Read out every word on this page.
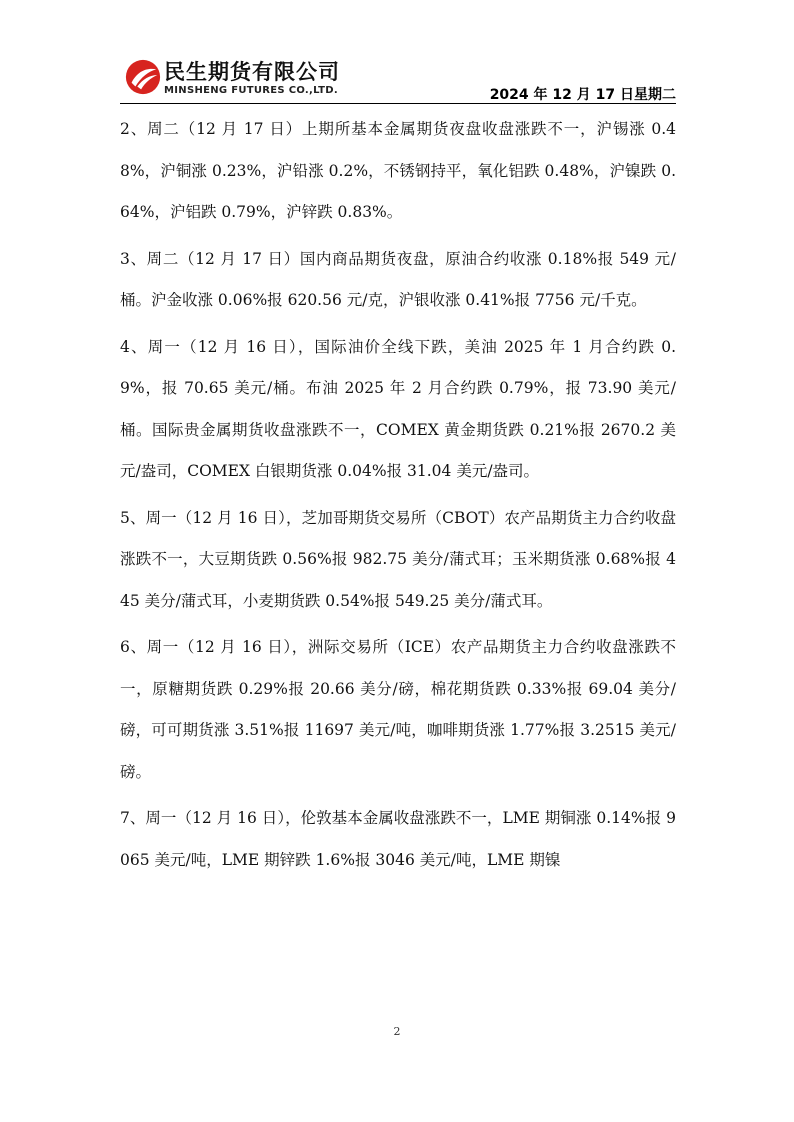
民生期货有限公司
MINSHENG FUTURES CO.,LTD.	2024 年 12 月 17 日星期二

2、周二（12 月 17 日）上期所基本金属期货夜盘收盘涨跌不一，沪锡涨 0.48%，沪铜涨 0.23%，沪铅涨 0.2%，不锈钢持平，氧化铝跌 0.48%，沪镍跌 0.64%，沪铝跌 0.79%，沪锌跌 0.83%。

3、周二（12 月 17 日）国内商品期货夜盘，原油合约收涨 0.18%报 549 元/桶。沪金收涨 0.06%报 620.56 元/克，沪银收涨 0.41%报 7756 元/千克。

4、周一（12 月 16 日），国际油价全线下跌，美油 2025 年 1 月合约跌 0.9%，报 70.65 美元/桶。布油 2025 年 2 月合约跌 0.79%，报 73.90 美元/桶。国际贵金属期货收盘涨跌不一，COMEX 黄金期货跌 0.21%报 2670.2 美元/盎司，COMEX 白银期货涨 0.04%报 31.04 美元/盎司。

5、周一（12 月 16 日），芝加哥期货交易所（CBOT）农产品期货主力合约收盘涨跌不一，大豆期货跌 0.56%报 982.75 美分/蒲式耳；玉米期货涨 0.68%报 445 美分/蒲式耳，小麦期货跌 0.54%报 549.25 美分/蒲式耳。

6、周一（12 月 16 日），洲际交易所（ICE）农产品期货主力合约收盘涨跌不一，原糖期货跌 0.29%报 20.66 美分/磅，棉花期货跌 0.33%报 69.04 美分/磅，可可期货涨 3.51%报 11697 美元/吨，咖啡期货涨 1.77%报 3.2515 美元/磅。

7、周一（12 月 16 日），伦敦基本金属收盘涨跌不一，LME 期铜涨 0.14%报 9065 美元/吨，LME 期锌跌 1.6%报 3046 美元/吨，LME 期镍

2
